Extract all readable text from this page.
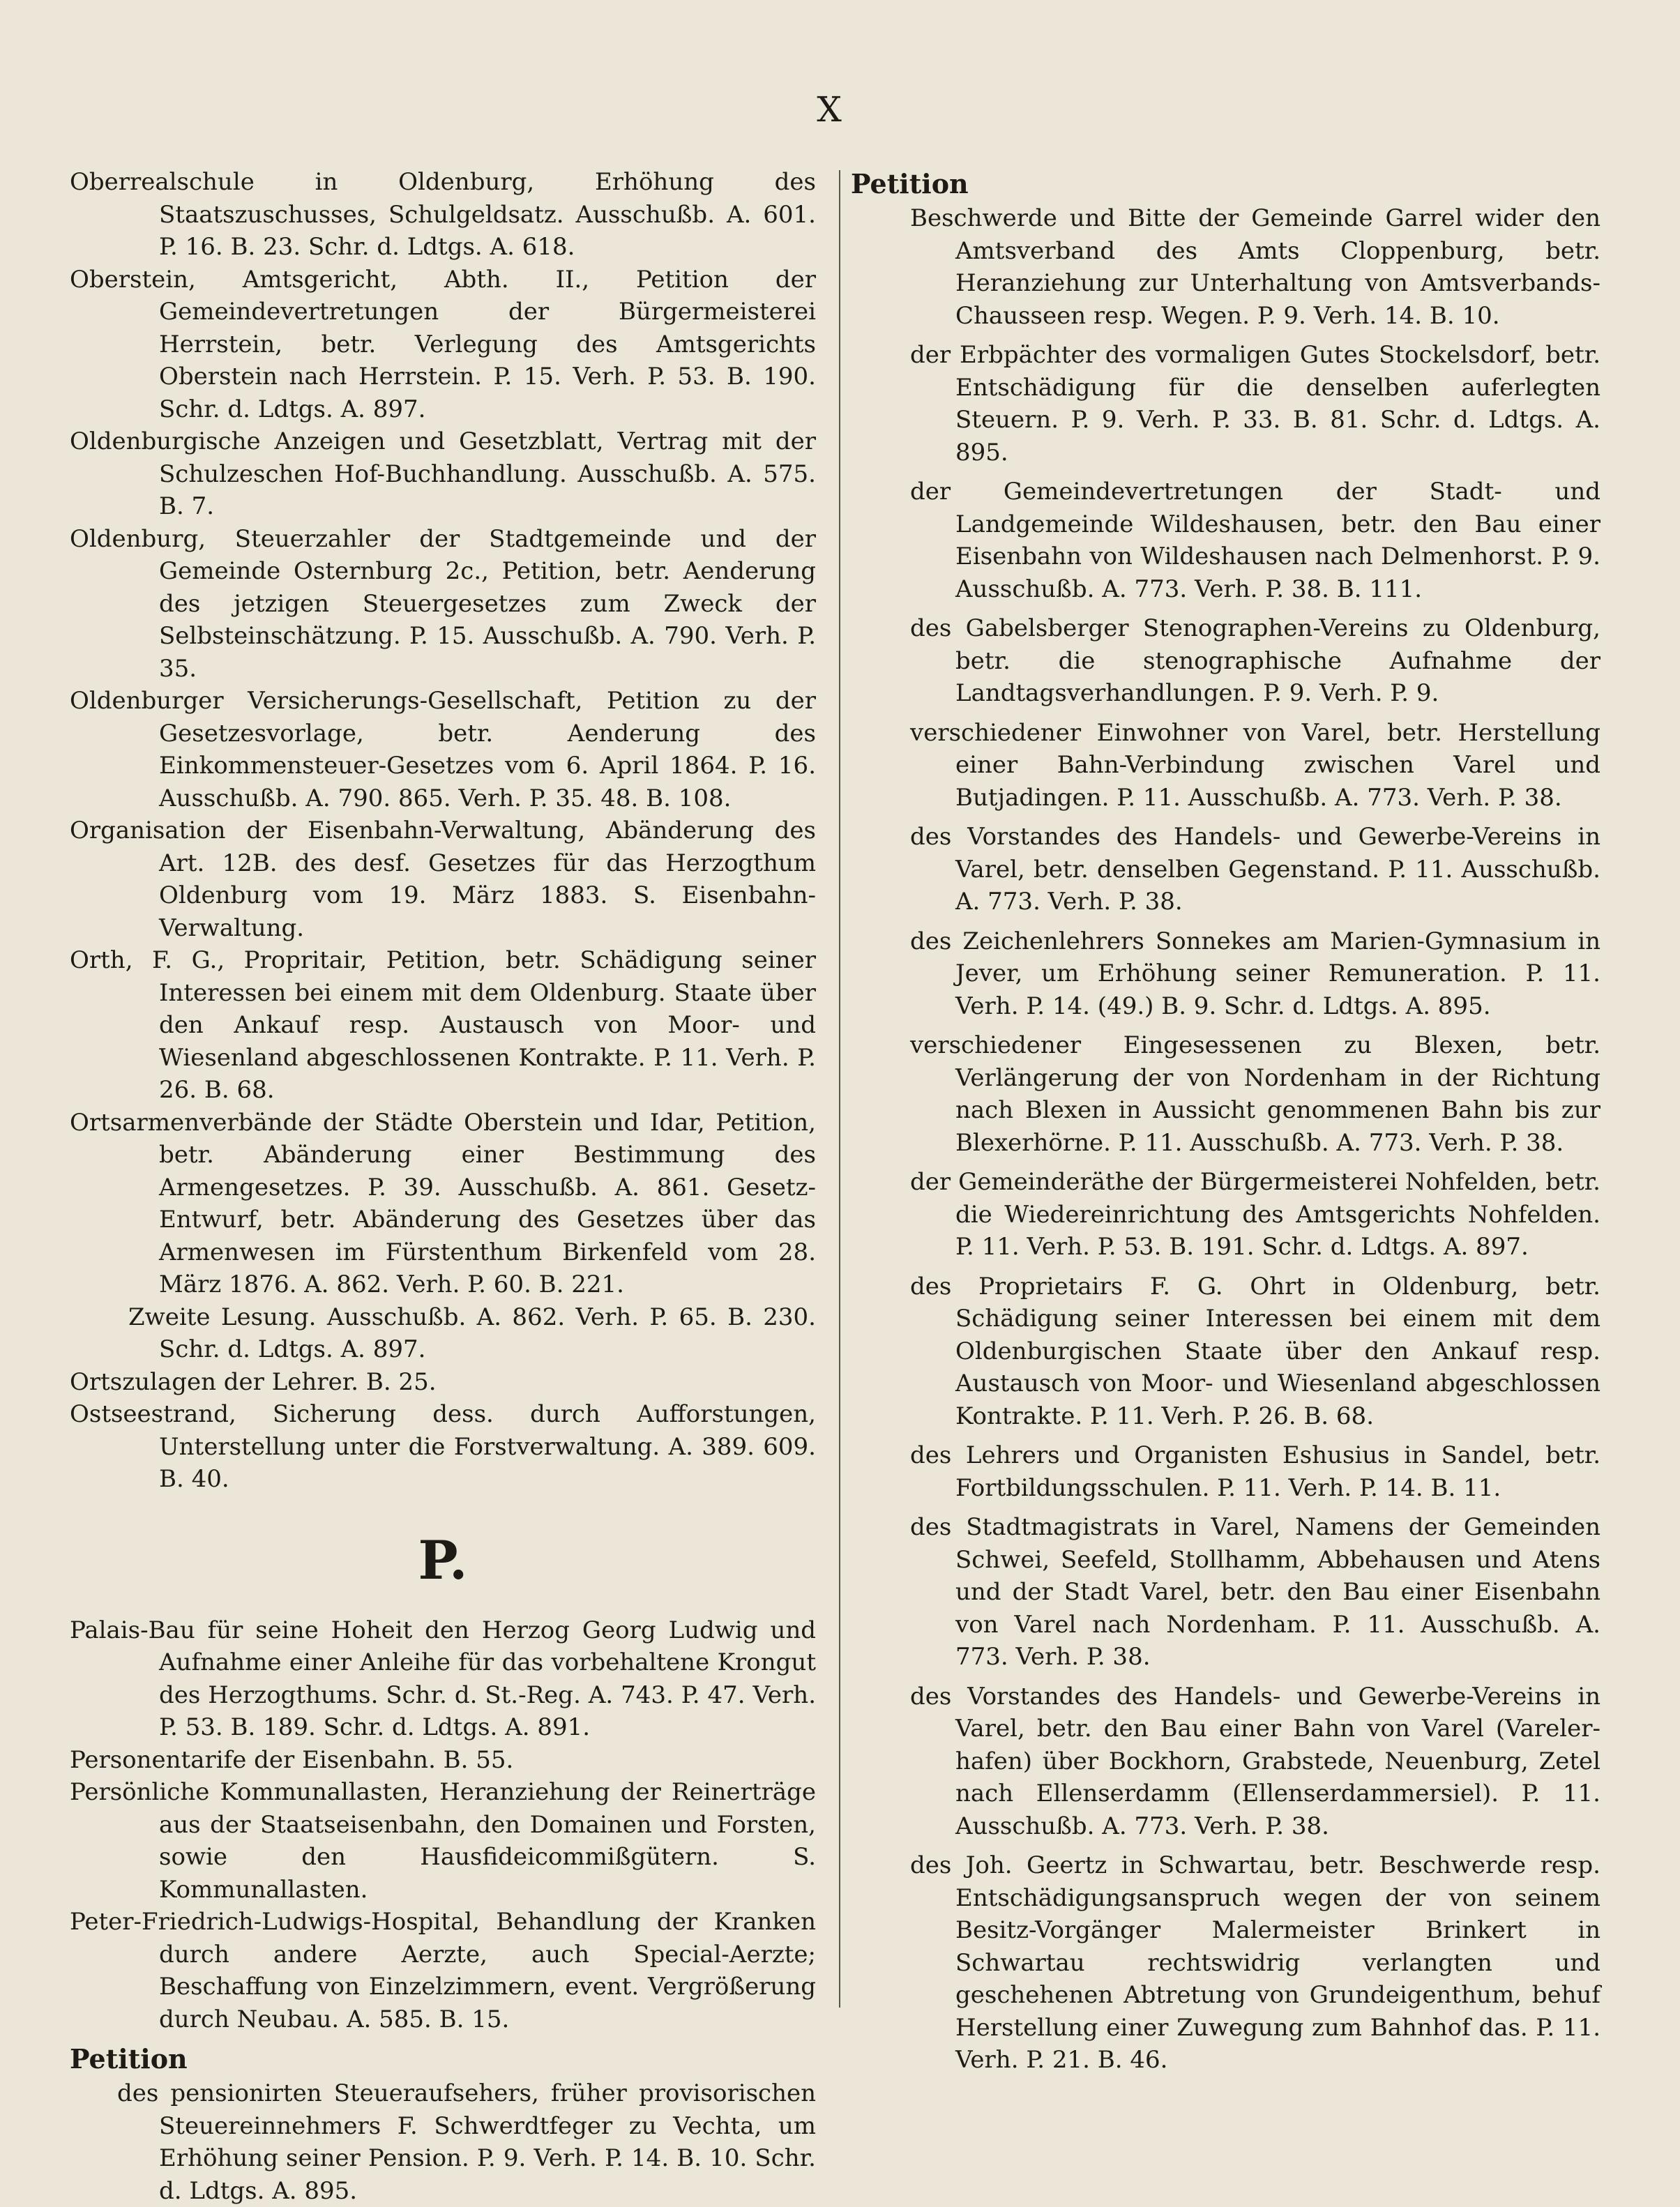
X

Oberrealschule in Oldenburg, Erhöhung des Staatszuschusses, Schulgeldsatz. Ausschußb. A. 601. P. 16. B. 23. Schr. d. Ldtgs. A. 618.

Oberstein, Amtsgericht, Abth. II., Petition der Gemeindevertretungen der Bürgermeisterei Herrstein, betr. Verlegung des Amtsgerichts Oberstein nach Herrstein. P. 15. Verh. P. 53. B. 190. Schr. d. Ldtgs. A. 897.

Oldenburgische Anzeigen und Gesetzblatt, Vertrag mit der Schulzeschen Hof-Buchhandlung. Ausschußb. A. 575. B. 7.

Oldenburg, Steuerzahler der Stadtgemeinde und der Gemeinde Osternburg 2c., Petition, betr. Aenderung des jetzigen Steuergesetzes zum Zweck der Selbsteinschätzung. P. 15. Ausschußb. A. 790. Verh. P. 35.

Oldenburger Versicherungs-Gesellschaft, Petition zu der Gesetzesvorlage, betr. Aenderung des Einkommensteuer-Gesetzes vom 6. April 1864. P. 16. Ausschußb. A. 790. 865. Verh. P. 35. 48. B. 108.

Organisation der Eisenbahn-Verwaltung, Abänderung des Art. 12B. des desf. Gesetzes für das Herzogthum Oldenburg vom 19. März 1883. S. Eisenbahn-Verwaltung.

Orth, F. G., Propritair, Petition, betr. Schädigung seiner Interessen bei einem mit dem Oldenburg. Staate über den Ankauf resp. Austausch von Moor- und Wiesenland abgeschlossenen Kontrakte. P. 11. Verh. P. 26. B. 68.

Ortsarmenverbände der Städte Oberstein und Idar, Petition, betr. Abänderung einer Bestimmung des Armengesetzes. P. 39. Ausschußb. A. 861. Gesetz-Entwurf, betr. Abänderung des Gesetzes über das Armenwesen im Fürstenthum Birkenfeld vom 28. März 1876. A. 862. Verh. P. 60. B. 221.

Zweite Lesung. Ausschußb. A. 862. Verh. P. 65. B. 230. Schr. d. Ldtgs. A. 897.

Ortszulagen der Lehrer. B. 25.

Ostseestrand, Sicherung dess. durch Aufforstungen, Unterstellung unter die Forstverwaltung. A. 389. 609. B. 40.

P.

Palais-Bau für seine Hoheit den Herzog Georg Ludwig und Aufnahme einer Anleihe für das vorbehaltene Krongut des Herzogthums. Schr. d. St.-Reg. A. 743. P. 47. Verh. P. 53. B. 189. Schr. d. Ldtgs. A. 891.

Personentarife der Eisenbahn. B. 55.

Persönliche Kommunallasten, Heranziehung der Reinerträge aus der Staatseisenbahn, den Domainen und Forsten, sowie den Hausfideicommißgütern. S. Kommunallasten.

Peter-Friedrich-Ludwigs-Hospital, Behandlung der Kranken durch andere Aerzte, auch Special-Aerzte; Beschaffung von Einzelzimmern, event. Vergrößerung durch Neubau. A. 585. B. 15.

Petition

des pensionirten Steueraufsehers, früher provisorischen Steuereinnehmers F. Schwerdtfeger zu Vechta, um Erhöhung seiner Pension. P. 9. Verh. P. 14. B. 10. Schr. d. Ldtgs. A. 895.

Petition

Beschwerde und Bitte der Gemeinde Garrel wider den Amtsverband des Amts Cloppenburg, betr. Heranziehung zur Unterhaltung von Amtsverbands-Chausseen resp. Wegen. P. 9. Verh. 14. B. 10.

der Erbpächter des vormaligen Gutes Stockelsdorf, betr. Entschädigung für die denselben auferlegten Steuern. P. 9. Verh. P. 33. B. 81. Schr. d. Ldtgs. A. 895.

der Gemeindevertretungen der Stadt- und Landgemeinde Wildeshausen, betr. den Bau einer Eisenbahn von Wildeshausen nach Delmenhorst. P. 9. Ausschußb. A. 773. Verh. P. 38. B. 111.

des Gabelsberger Stenographen-Vereins zu Oldenburg, betr. die stenographische Aufnahme der Landtagsverhandlungen. P. 9. Verh. P. 9.

verschiedener Einwohner von Varel, betr. Herstellung einer Bahn-Verbindung zwischen Varel und Butjadingen. P. 11. Ausschußb. A. 773. Verh. P. 38.

des Vorstandes des Handels- und Gewerbe-Vereins in Varel, betr. denselben Gegenstand. P. 11. Ausschußb. A. 773. Verh. P. 38.

des Zeichenlehrers Sonnekes am Marien-Gymnasium in Jever, um Erhöhung seiner Remuneration. P. 11. Verh. P. 14. (49.) B. 9. Schr. d. Ldtgs. A. 895.

verschiedener Eingesessenen zu Blexen, betr. Verlängerung der von Nordenham in der Richtung nach Blexen in Aussicht genommenen Bahn bis zur Blexerhörne. P. 11. Ausschußb. A. 773. Verh. P. 38.

der Gemeinderäthe der Bürgermeisterei Nohfelden, betr. die Wiedereinrichtung des Amtsgerichts Nohfelden. P. 11. Verh. P. 53. B. 191. Schr. d. Ldtgs. A. 897.

des Proprietairs F. G. Ohrt in Oldenburg, betr. Schädigung seiner Interessen bei einem mit dem Oldenburgischen Staate über den Ankauf resp. Austausch von Moor- und Wiesenland abgeschlossen Kontrakte. P. 11. Verh. P. 26. B. 68.

des Lehrers und Organisten Eshusius in Sandel, betr. Fortbildungsschulen. P. 11. Verh. P. 14. B. 11.

des Stadtmagistrats in Varel, Namens der Gemeinden Schwei, Seefeld, Stollhamm, Abbehausen und Atens und der Stadt Varel, betr. den Bau einer Eisenbahn von Varel nach Nordenham. P. 11. Ausschußb. A. 773. Verh. P. 38.

des Vorstandes des Handels- und Gewerbe-Vereins in Varel, betr. den Bau einer Bahn von Varel (Vareler-hafen) über Bockhorn, Grabstede, Neuenburg, Zetel nach Ellenserdamm (Ellenserdammersiel). P. 11. Ausschußb. A. 773. Verh. P. 38.

des Joh. Geertz in Schwartau, betr. Beschwerde resp. Entschädigungsanspruch wegen der von seinem Besitz-Vorgänger Malermeister Brinkert in Schwartau rechtswidrig verlangten und geschehenen Abtretung von Grundeigenthum, behuf Herstellung einer Zuwegung zum Bahnhof das. P. 11. Verh. P. 21. B. 46.
